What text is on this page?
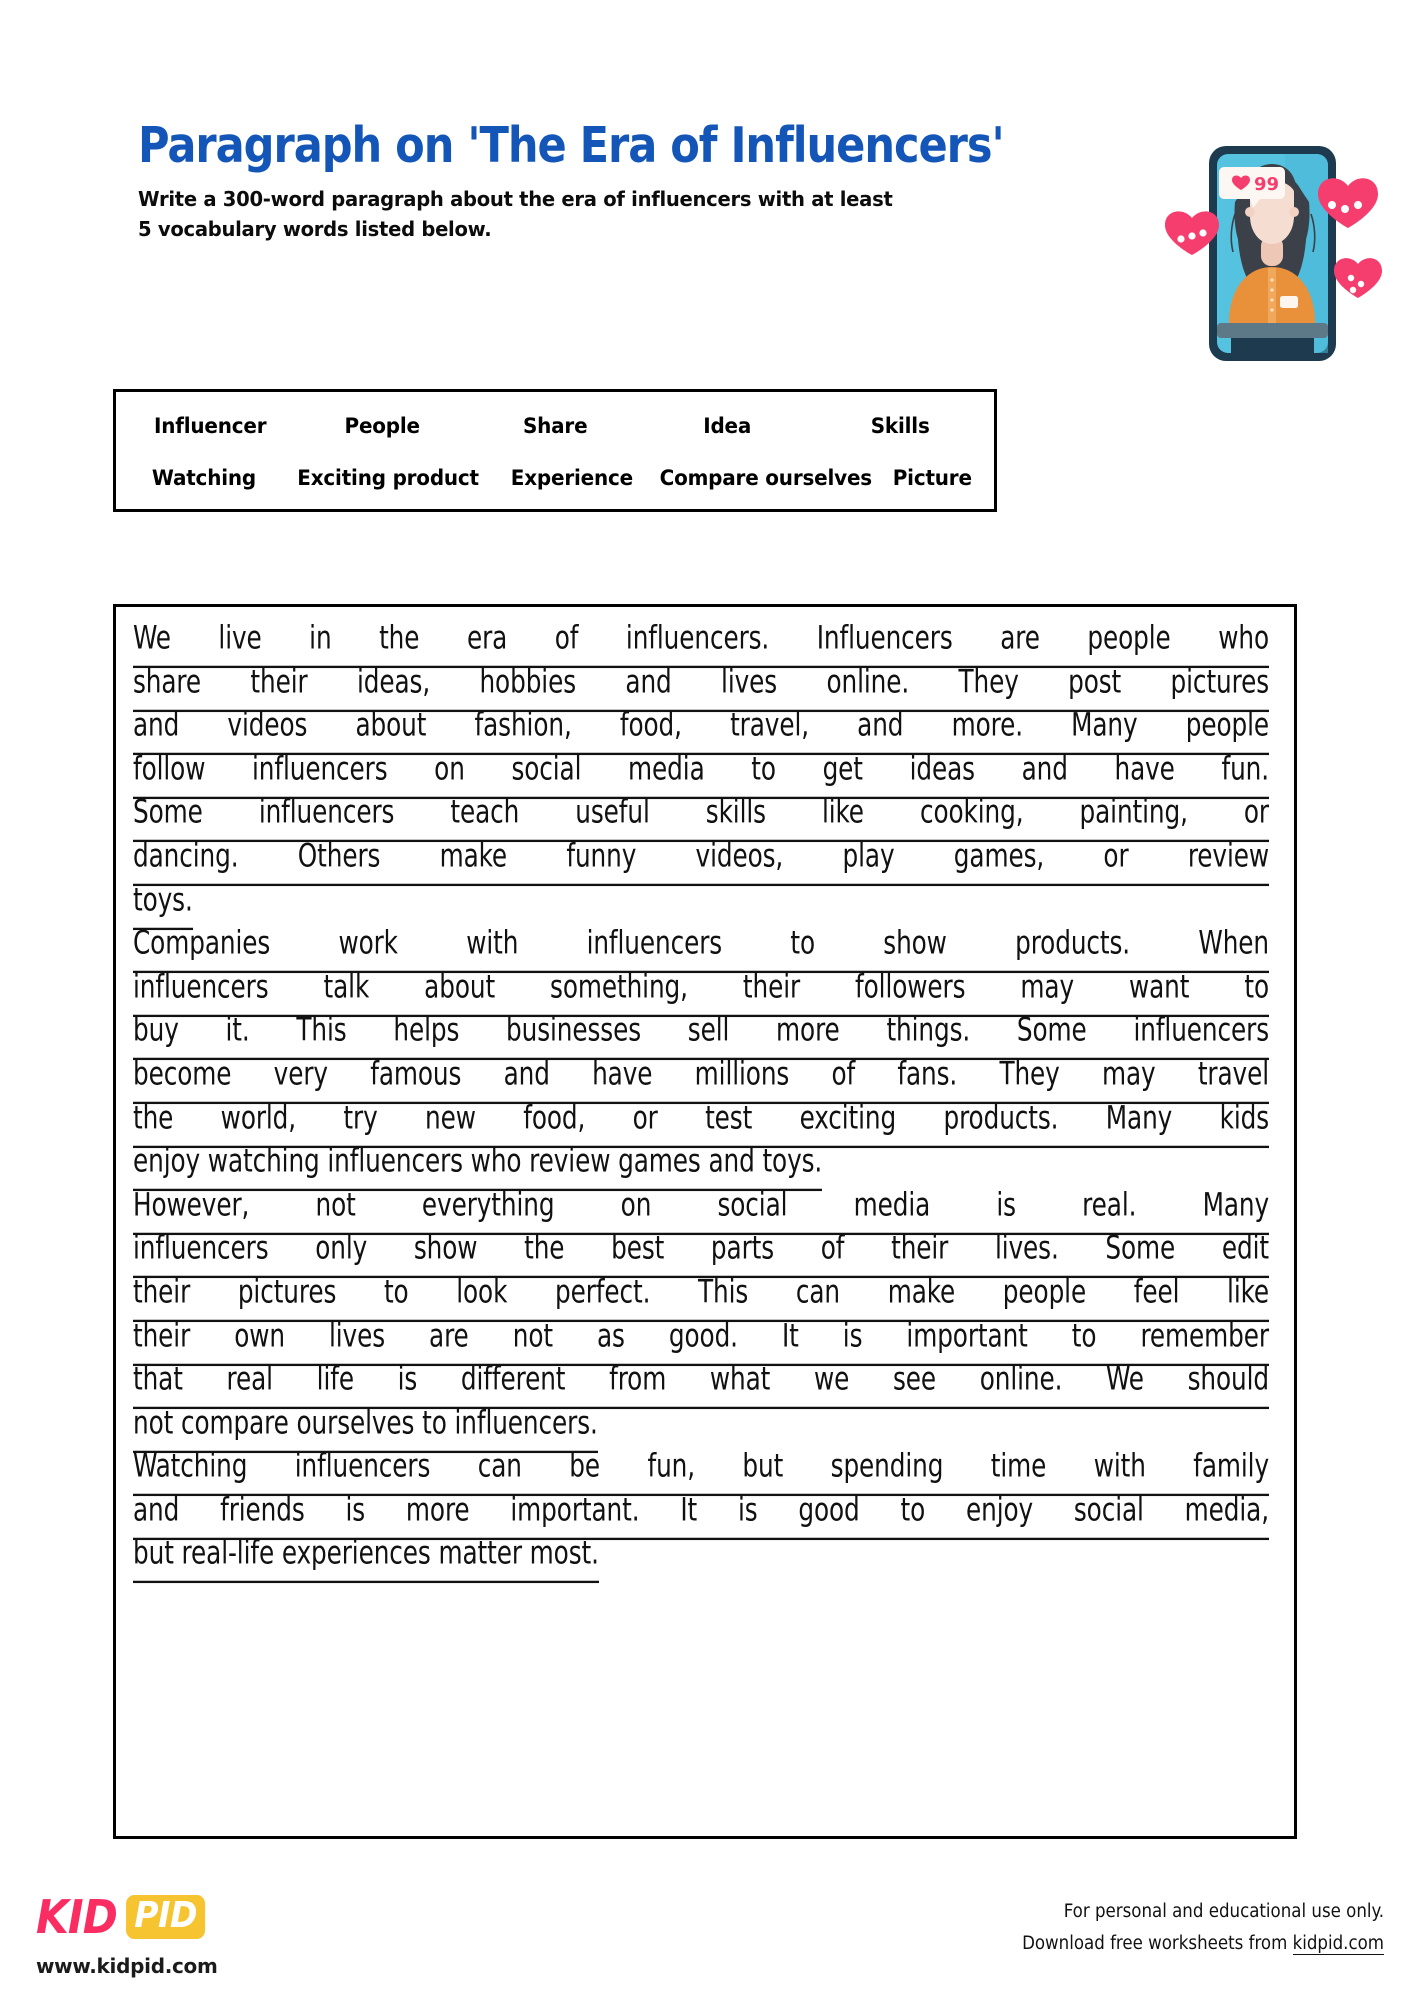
Paragraph on 'The Era of Influencers'
Write a 300-word paragraph about the era of influencers with at least 5 vocabulary words listed below.
99
Influencer	People	Share	Idea	Skills
Watching	Exciting product	Experience	Compare ourselves	Picture
We live in the era of influencers. Influencers are people who
share their ideas, hobbies and lives online. They post pictures
and videos about fashion, food, travel, and more. Many people
follow influencers on social media to get ideas and have fun.
Some influencers teach useful skills like cooking, painting, or
dancing. Others make funny videos, play games, or review
toys.
Companies work with influencers to show products. When
influencers talk about something, their followers may want to
buy it. This helps businesses sell more things. Some influencers
become very famous and have millions of fans. They may travel
the world, try new food, or test exciting products. Many kids
enjoy watching influencers who review games and toys.
However, not everything on social media is real. Many
influencers only show the best parts of their lives. Some edit
their pictures to look perfect. This can make people feel like
their own lives are not as good. It is important to remember
that real life is different from what we see online. We should
not compare ourselves to influencers.
Watching influencers can be fun, but spending time with family
and friends is more important. It is good to enjoy social media,
but real-life experiences matter most.
KID PID
www.kidpid.com
For personal and educational use only.
Download free worksheets from kidpid.com
